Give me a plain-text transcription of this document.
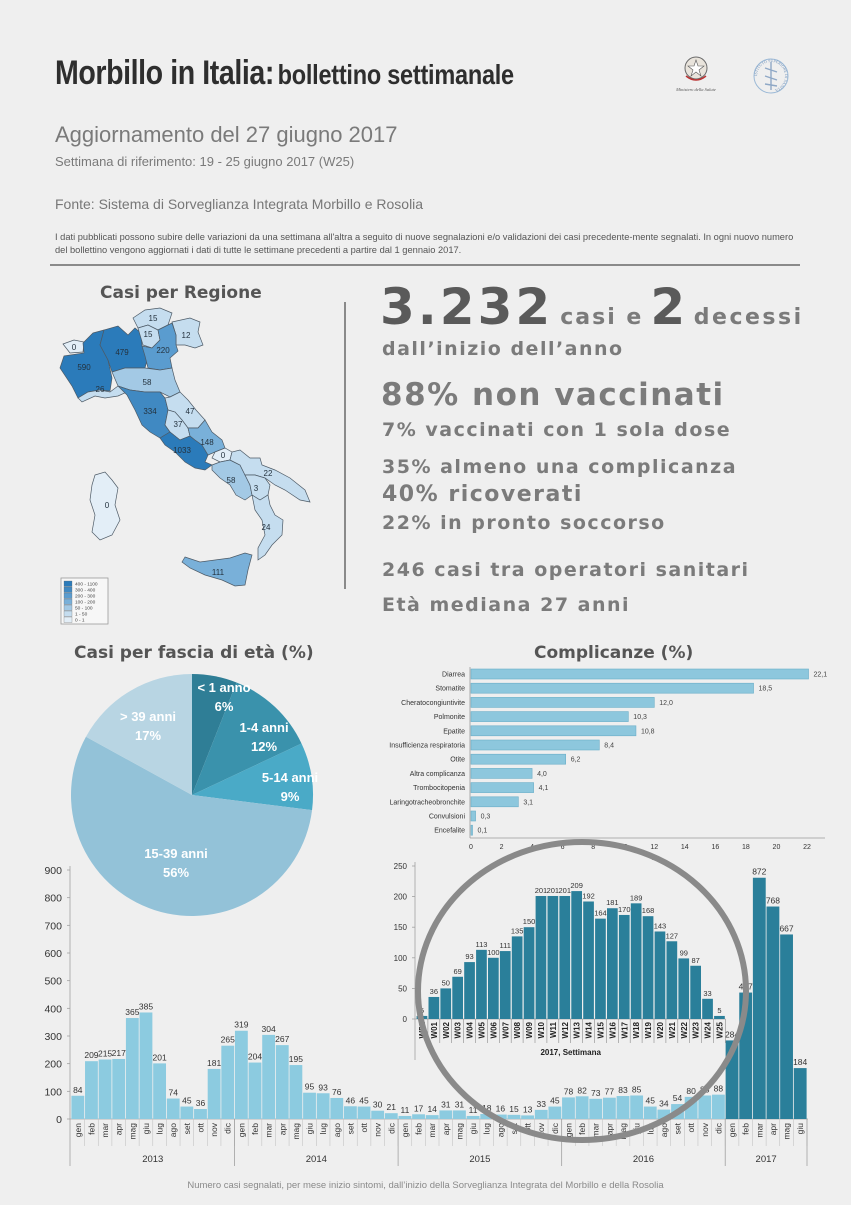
Morbillo in Italia: bollettino settimanale
Aggiornamento del 27 giugno 2017
Settimana di riferimento: 19 - 25 giugno 2017 (W25)
Fonte: Sistema di Sorveglianza Integrata Morbillo e Rosolia
I dati pubblicati possono subire delle variazioni da una settimana all'altra a seguito di nuove segnalazioni e/o validazioni dei casi precedente-mente segnalati. In ogni nuovo numero del bollettino vengono aggiornati i dati di tutte le settimane precedenti a partire dal 1 gennaio 2017.
Casi per Regione
Casi per fascia di età (%)	Complicanze (%)
3.232 casi e 2 decessi
dall’inizio dell’anno
88% non vaccinati
7% vaccinati con 1 sola dose
35% almeno una complicanza
40% ricoverati
22% in pronto soccorso
246 casi tra operatori sanitari
Età mediana 27 anni
Ministero della Salute
ISTITUTO SUPERIORE DI SANITÀ
0
590
479
15
15	12
220
26
58
334	47
37
1033
148
0
58
22
3
24
111
0
400 - 1100
300 - 400
200 - 300
100 - 200
50 - 100
1 - 50
0 - 1
< 1 anno
6%
1-4 anni
12%
5-14 anni
9%
15-39 anni
56%
> 39 anni
17%
Diarrea	22,1
Stomatite	18,5
Cheratocongiuntivite	12,0
Polmonite	10,3
Epatite	10,8
Insufficienza respiratoria	8,4
Otite	6,2
Altra complicanza	4,0
Trombocitopenia	4,1
Laringotracheobronchite	3,1
Convulsioni 0,3
Encefalite 0,1
0	2	4	6	8	10	12	14	16	18	20	22
%
0
100
200
300
400
500
600
700
800
900
84
gen
209
feb
215
mar
217
apr
365
mag
385
giu
201
lug
74
ago
45
set
36
ott
181
nov
265
dic
2013
319
gen
204
feb
304
mar
267
apr
195
mag
95
giu
93
lug
76
ago
46
set
45
ott
30
nov
21
dic
2014
11
gen
17
feb
14
mar
31
apr
31
mag
11
giu
18
lug
16
ago
15
set
13
ott
33
nov
45
dic
2015
78
gen
82
feb
73
mar
77
apr
83
mag
85
giu
45
lug
34
ago
54
set
80
ott
85
nov
88
dic
2016
284
gen
457
feb
872
mar
768
apr
667
mag
184
giu
2017
0
50
100
150
200
250
5
W52
36
W01
50
W02
69
W03
93
W04
113
W05
100
W06
111
W07
135
W08
150
W09
201
W10
201
W11
201
W12
209
W13
192
W14
164
W15
181
W16
170
W17
189
W18
168
W19
143
W20
127
W21
99
W22
87
W23
33
W24
5
W25
2017, Settimana
Numero casi segnalati, per mese inizio sintomi, dall’inizio della Sorveglianza Integrata del Morbillo e della Rosolia
